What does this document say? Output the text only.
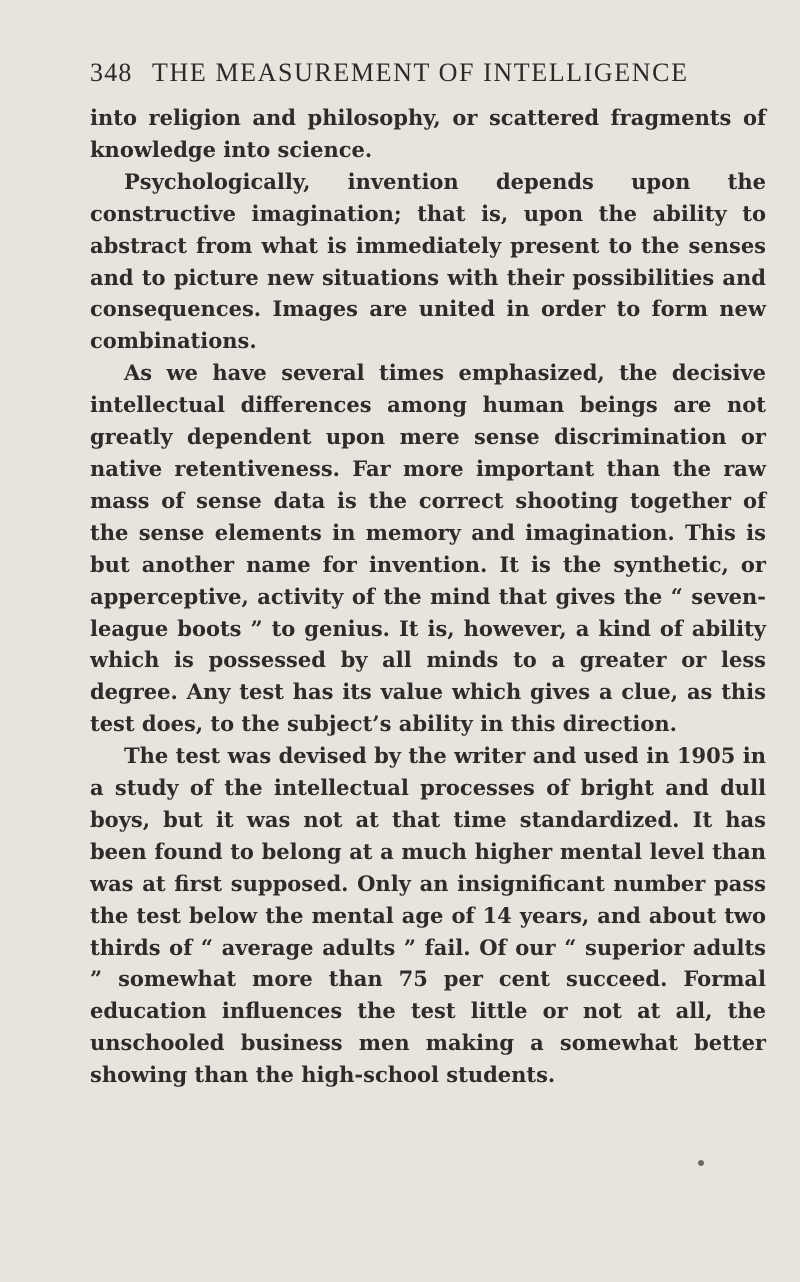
348 THE MEASUREMENT OF INTELLIGENCE

into religion and philosophy, or scattered fragments of knowledge into science.

Psychologically, invention depends upon the constructive imagination; that is, upon the ability to abstract from what is immediately present to the senses and to picture new situations with their possibilities and consequences. Images are united in order to form new combinations.

As we have several times emphasized, the decisive intellectual differences among human beings are not greatly dependent upon mere sense discrimination or native retentiveness. Far more important than the raw mass of sense data is the correct shooting together of the sense elements in memory and imagination. This is but another name for invention. It is the synthetic, or apperceptive, activity of the mind that gives the “ seven-league boots ” to genius. It is, however, a kind of ability which is possessed by all minds to a greater or less degree. Any test has its value which gives a clue, as this test does, to the subject’s ability in this direction.

The test was devised by the writer and used in 1905 in a study of the intellectual processes of bright and dull boys, but it was not at that time standardized. It has been found to belong at a much higher mental level than was at first supposed. Only an insignificant number pass the test below the mental age of 14 years, and about two thirds of “ average adults ” fail. Of our “ superior adults ” somewhat more than 75 per cent succeed. Formal education influences the test little or not at all, the unschooled business men making a somewhat better showing than the high-school students.
